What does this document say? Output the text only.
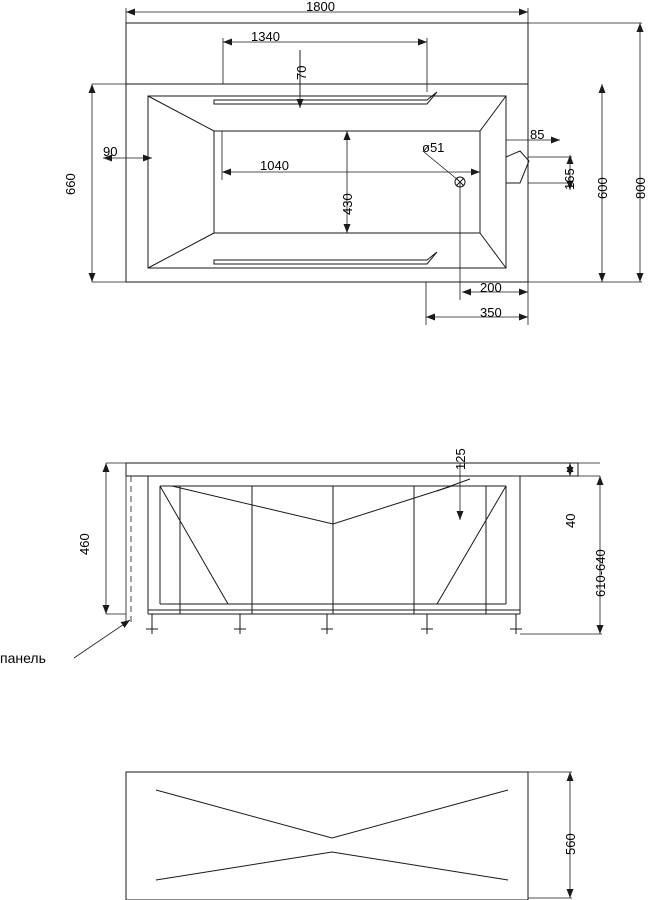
1800
1340
70
1040
90
660
430
ø51
85
165 600 800
200
350
460
125
40
610-640
панель
560
